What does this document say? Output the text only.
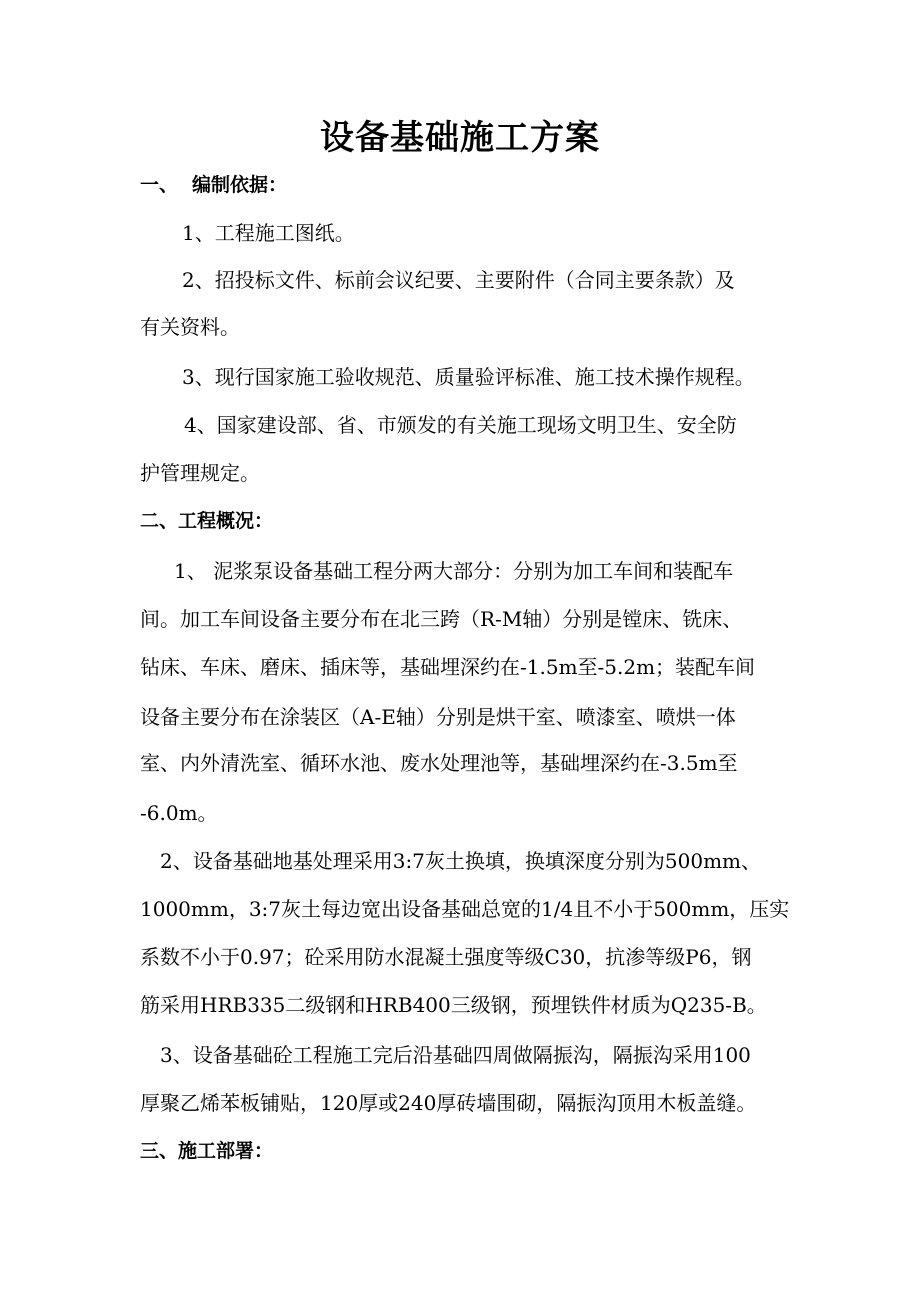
设备基础施工方案
一、 编制依据：
1、工程施工图纸。
2、招投标文件、标前会议纪要、主要附件（合同主要条款）及
有关资料。
3、现行国家施工验收规范、质量验评标准、施工技术操作规程。
4、国家建设部、省、市颁发的有关施工现场文明卫生、安全防
护管理规定。
二、工程概况：
1、 泥浆泵设备基础工程分两大部分：分别为加工车间和装配车
间。加工车间设备主要分布在北三跨（R-M轴）分别是镗床、铣床、
钻床、车床、磨床、插床等，基础埋深约在-1.5m至-5.2m；装配车间
设备主要分布在涂装区（A-E轴）分别是烘干室、喷漆室、喷烘一体
室、内外清洗室、循环水池、废水处理池等，基础埋深约在-3.5m至
-6.0m。
2、设备基础地基处理采用3:7灰土换填，换填深度分别为500mm、
1000mm，3:7灰土每边宽出设备基础总宽的1/4且不小于500mm，压实
系数不小于0.97；砼采用防水混凝土强度等级C30，抗渗等级P6，钢
筋采用HRB335二级钢和HRB400三级钢，预埋铁件材质为Q235-B。
3、设备基础砼工程施工完后沿基础四周做隔振沟，隔振沟采用100
厚聚乙烯苯板铺贴，120厚或240厚砖墙围砌，隔振沟顶用木板盖缝。
三、施工部署：
